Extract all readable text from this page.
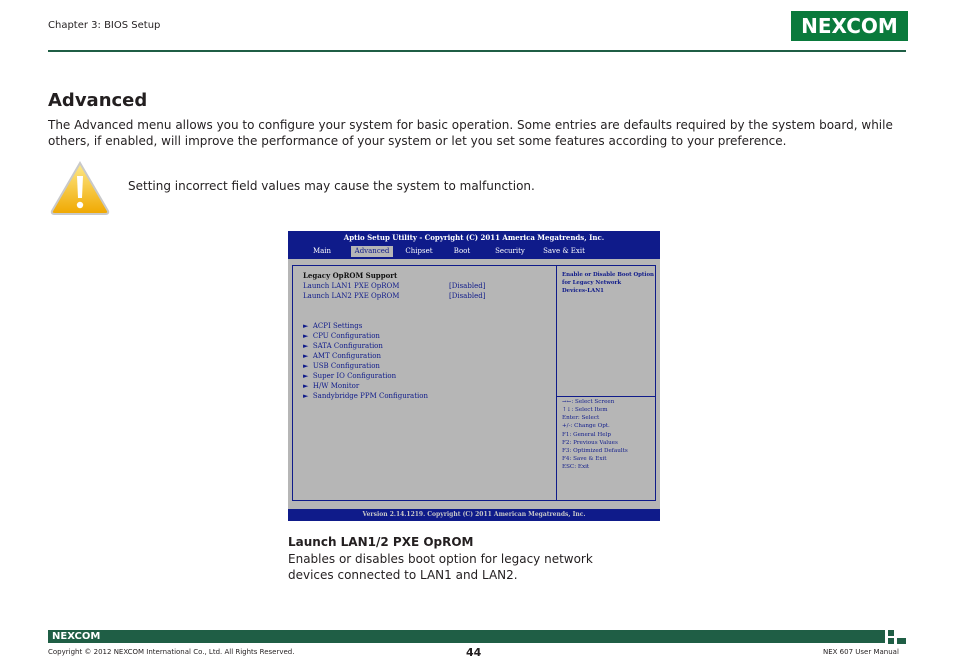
Chapter 3: BIOS Setup	NEXCOM
Advanced
The Advanced menu allows you to configure your system for basic operation. Some entries are defaults required by the system board, while others, if enabled, will improve the performance of your system or let you set some features according to your preference.
Setting incorrect field values may cause the system to malfunction.
Aptio Setup Utility - Copyright (C) 2011 America Megatrends, Inc.
Main	Advanced	Chipset	Boot	Security	Save & Exit
Legacy OpROM Support
Launch LAN1 PXE OpROM	[Disabled]
Launch LAN2 PXE OpROM	[Disabled]
►  ACPI Settings
►  CPU Configuration
►  SATA Configuration
►  AMT Configuration
►  USB Configuration
►  Super IO Configuration
►  H/W Monitor
►  Sandybridge PPM Configuration
Enable or Disable Boot Option
for Legacy Network
Devices-LAN1
→←: Select Screen
↑↓: Select Item
Enter: Select
+/-: Change Opt.
F1: General Help
F2: Previous Values
F3: Optimized Defaults
F4: Save & Exit
ESC: Exit
Version 2.14.1219. Copyright (C) 2011 American Megatrends, Inc.
Launch LAN1/2 PXE OpROM
Enables or disables boot option for legacy network devices connected to LAN1 and LAN2.
NEXCOM
Copyright © 2012 NEXCOM International Co., Ltd. All Rights Reserved.	44	NEX 607 User Manual
